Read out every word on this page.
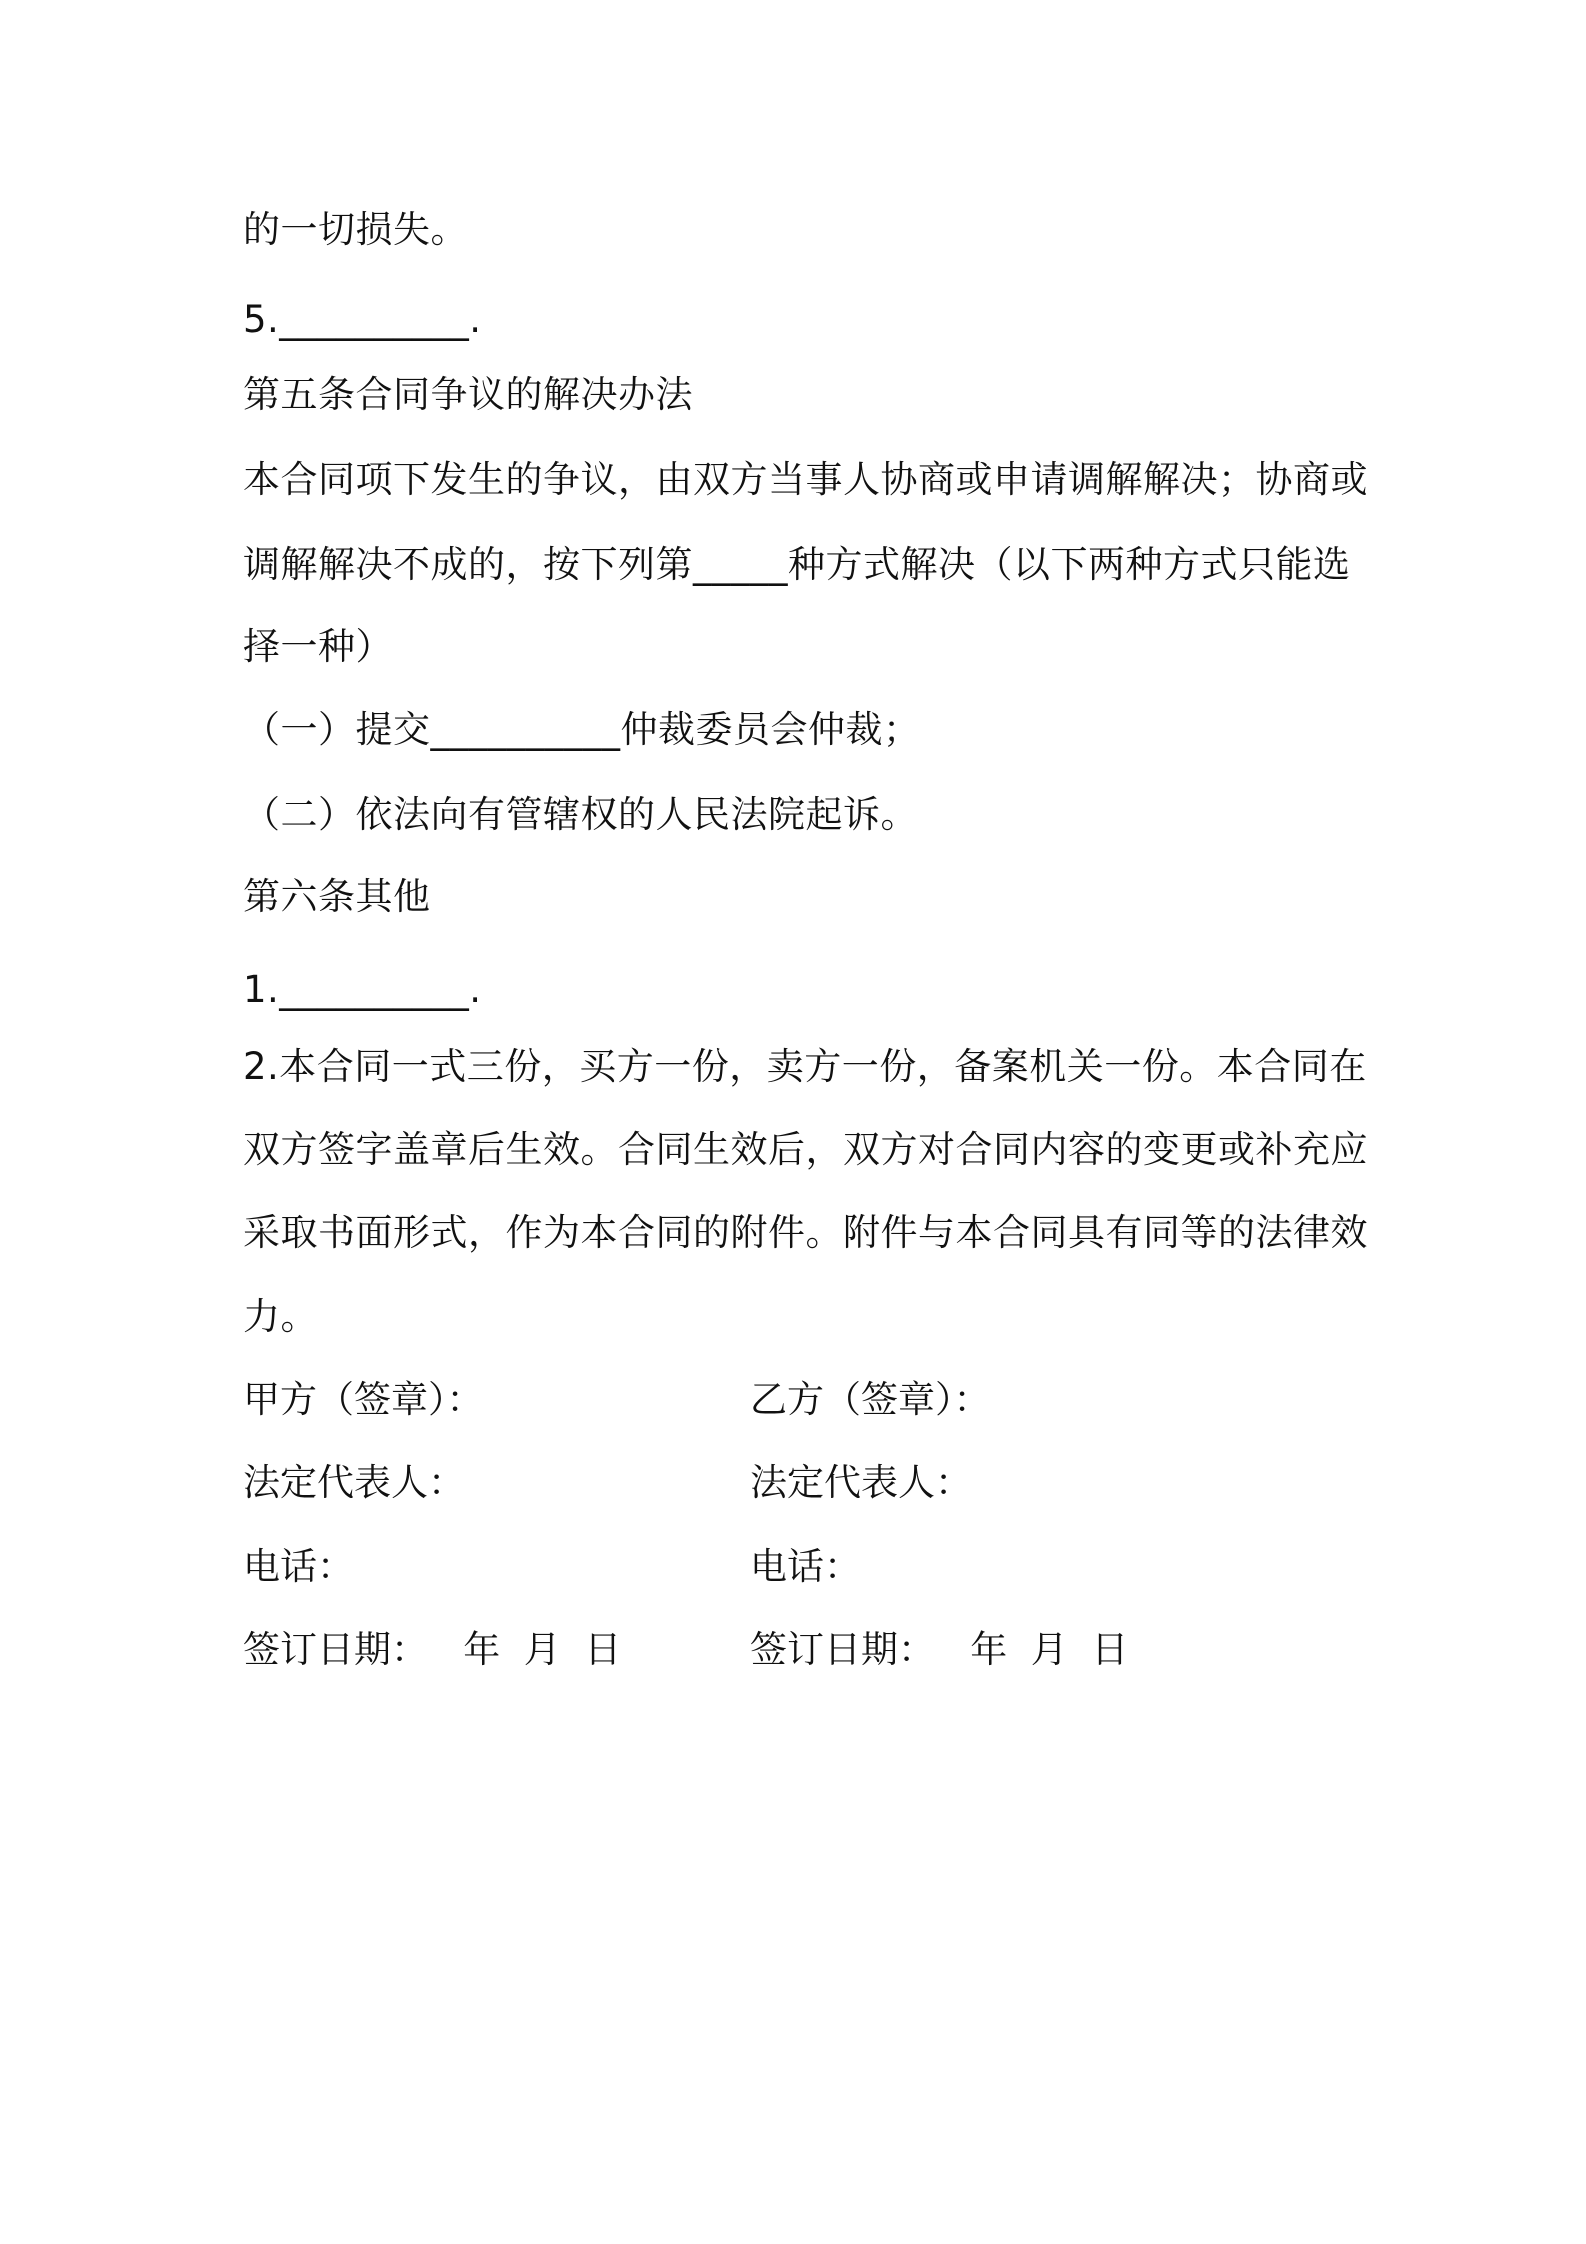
的一切损失。
5.__________.
第五条合同争议的解决办法
本合同项下发生的争议，由双方当事人协商或申请调解解决；协商或
调解解决不成的，按下列第_____种方式解决（以下两种方式只能选
择一种）
（一）提交__________仲裁委员会仲裁；
（二）依法向有管辖权的人民法院起诉。
第六条其他
1.__________.
2.本合同一式三份，买方一份，卖方一份，备案机关一份。本合同在
双方签字盖章后生效。合同生效后，双方对合同内容的变更或补充应
采取书面形式，作为本合同的附件。附件与本合同具有同等的法律效
力。
甲方（签章）：	乙方（签章）：
法定代表人：	法定代表人：
电话：	电话：
签订日期：   年  月  日	签订日期：   年  月  日
